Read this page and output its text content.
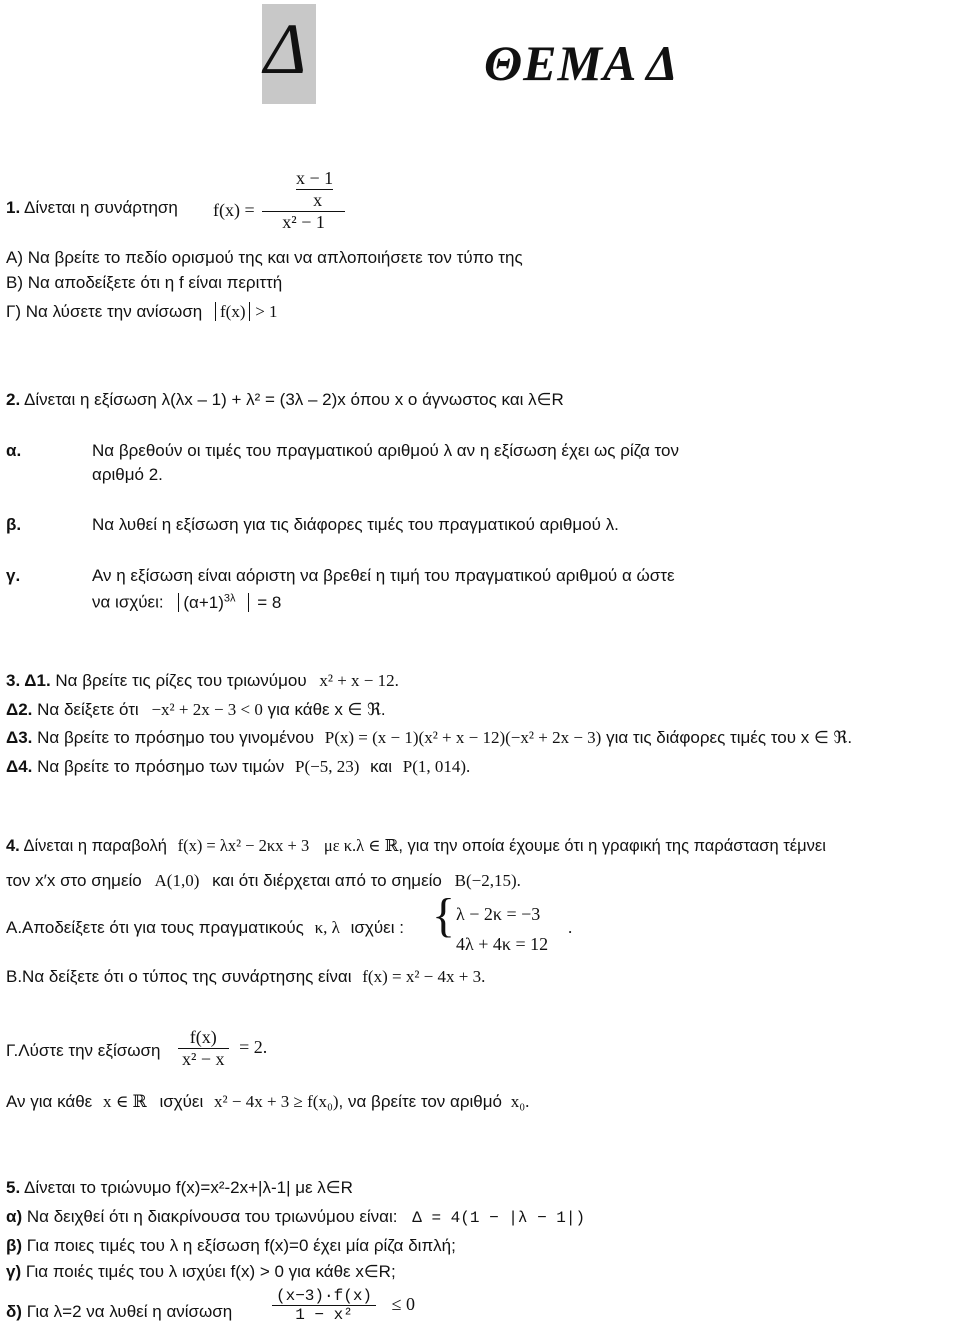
Δ	ΘΕΜΑ Δ
1. Δίνεται η συνάρτηση f(x) =
x − 1
x
x² − 1
Α) Να βρείτε το πεδίο ορισμού της και να απλοποιήσετε τον τύπο της
Β) Να αποδείξετε ότι η f είναι περιττή
Γ) Να λύσετε την ανίσωση f(x) > 1
2. Δίνεται η εξίσωση λ(λx – 1) + λ² = (3λ – 2)x όπου x ο άγνωστος και λ∈R
α.	Να βρεθούν οι τιμές του πραγματικού αριθμού λ αν η εξίσωση έχει ως ρίζα τον
αριθμό 2.
β.	Να λυθεί η εξίσωση για τις διάφορες τιμές του πραγματικού αριθμού λ.
γ.	Αν η εξίσωση είναι αόριστη να βρεθεί η τιμή του πραγματικού αριθμού α ώστε
να ισχύει: $(\alpha+1)^{3\lambda} = 8$
3. Δ1. Να βρείτε τις ρίζες του τριωνύμου x² + x − 12.
Δ2. Να δείξετε ότι −x² + 2x − 3 < 0 για κάθε x ∈ ℜ.
Δ3. Να βρείτε το πρόσημο του γινομένου P(x) = (x − 1)(x² + x − 12)(−x² + 2x − 3) για τις διάφορες τιμές του x ∈ ℜ.
Δ4. Να βρείτε το πρόσημο των τιμών P(−5, 23) και P(1, 014).
4. Δίνεται η παραβολή f(x) = λx² − 2κx + 3 με κ.λ ∈ ℝ, για την οποία έχουμε ότι η γραφική της παράσταση τέμνει
τον x′x στο σημείο A(1,0) και ότι διέρχεται από το σημείο B(−2,15).
Α.Αποδείξετε ότι για τους πραγματικούς κ, λ ισχύει : { λ − 2κ = −3
4λ + 4κ = 12
.
Β.Να δείξετε ότι ο τύπος της συνάρτησης είναι f(x) = x² − 4x + 3.
Γ.Λύστε την εξίσωση $\frac{f(x)}{\text{x² − x}} = 2$.
Αν για κάθε x ∈ ℝ ισχύει x² − 4x + 3 ≥ f(x₀), να βρείτε τον αριθμό x₀.
5. Δίνεται το τριώνυμο f(x)=x²-2x+|λ-1| με λ∈R
α) Να δειχθεί ότι η διακρίνουσα του τριωνύμου είναι: Δ = 4(1 − |λ − 1|)
β) Για ποιες τιμές του λ η εξίσωση f(x)=0 έχει μία ρίζα διπλή;
γ) Για ποιές τιμές του λ ισχύει f(x) > 0 για κάθε x∈R;
δ) Για λ=2 να λυθεί η ανίσωση $\frac{(x-3)\cdot f(x)}{\text{1 − x²}} \le 0$
